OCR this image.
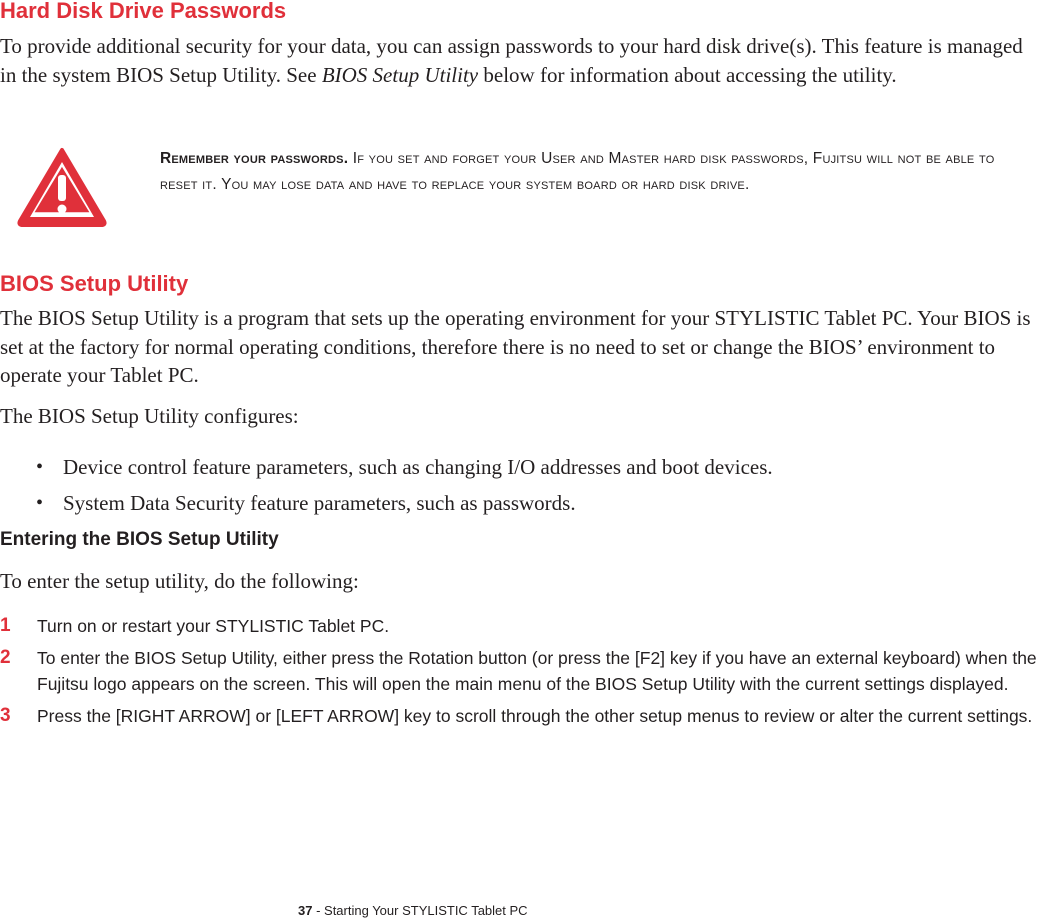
Hard Disk Drive Passwords

To provide additional security for your data, you can assign passwords to your hard disk drive(s). This feature is managed in the system BIOS Setup Utility. See BIOS Setup Utility below for information about accessing the utility.

Remember your passwords. If you set and forget your User and Master hard disk passwords, Fujitsu will not be able to reset it. You may lose data and have to replace your system board or hard disk drive.

BIOS Setup Utility

The BIOS Setup Utility is a program that sets up the operating environment for your STYLISTIC Tablet PC. Your BIOS is set at the factory for normal operating conditions, therefore there is no need to set or change the BIOS’ environment to operate your Tablet PC.

The BIOS Setup Utility configures:

• Device control feature parameters, such as changing I/O addresses and boot devices.
• System Data Security feature parameters, such as passwords.
Entering the BIOS Setup Utility

To enter the setup utility, do the following:

1 Turn on or restart your STYLISTIC Tablet PC.
2 To enter the BIOS Setup Utility, either press the Rotation button (or press the [F2] key if you have an external keyboard) when the Fujitsu logo appears on the screen. This will open the main menu of the BIOS Setup Utility with the current settings displayed.
3 Press the [RIGHT ARROW] or [LEFT ARROW] key to scroll through the other setup menus to review or alter the current settings.
37 - Starting Your STYLISTIC Tablet PC
